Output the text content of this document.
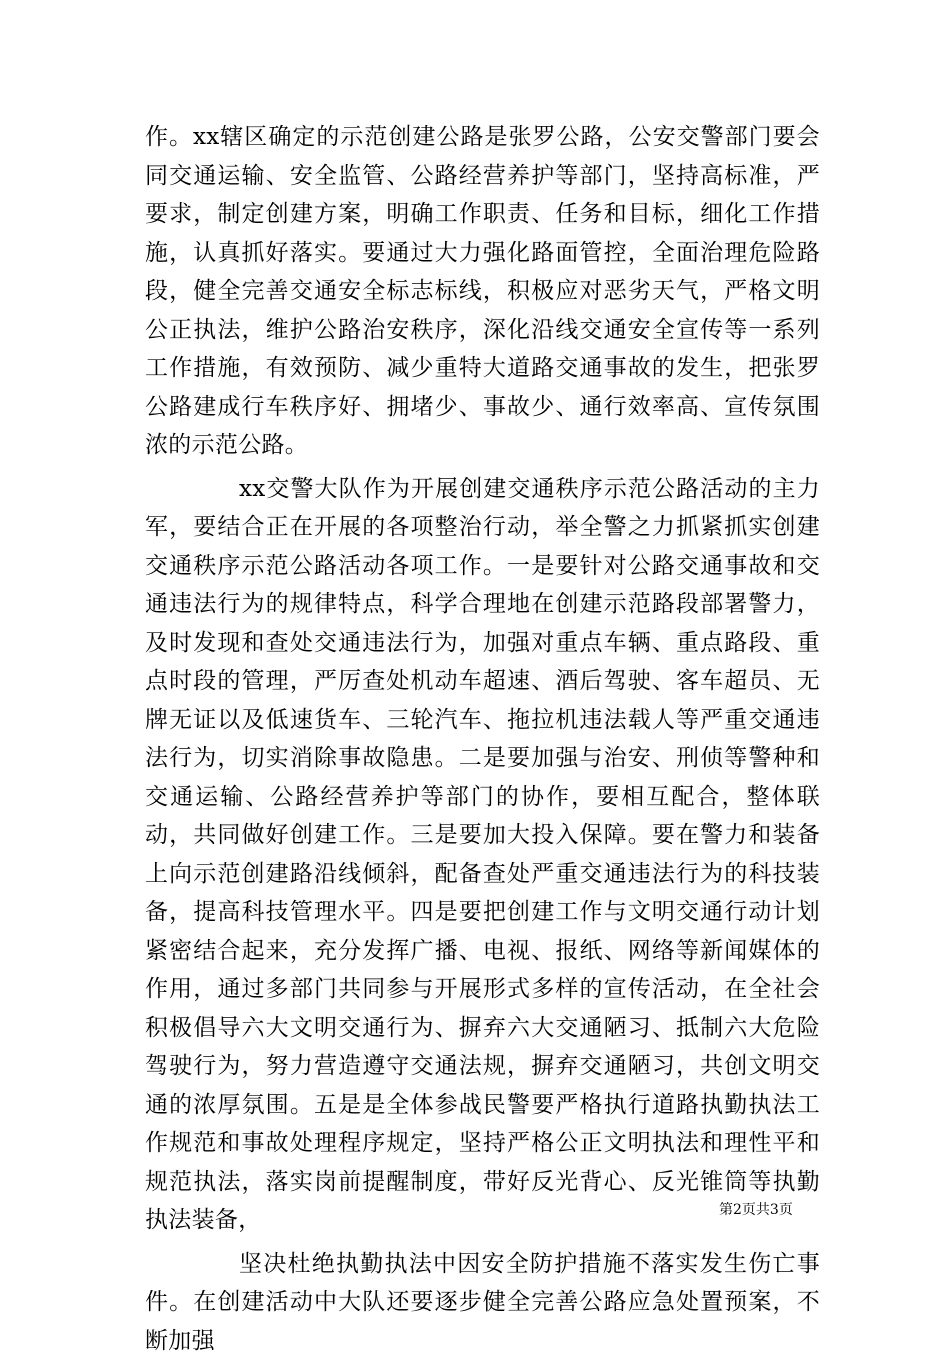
作。xx辖区确定的示范创建公路是张罗公路，公安交警部门要会同交通运输、安全监管、公路经营养护等部门，坚持高标准，严要求，制定创建方案，明确工作职责、任务和目标，细化工作措施，认真抓好落实。要通过大力强化路面管控，全面治理危险路段，健全完善交通安全标志标线，积极应对恶劣天气，严格文明公正执法，维护公路治安秩序，深化沿线交通安全宣传等一系列工作措施，有效预防、减少重特大道路交通事故的发生，把张罗公路建成行车秩序好、拥堵少、事故少、通行效率高、宣传氛围浓的示范公路。

xx交警大队作为开展创建交通秩序示范公路活动的主力军，要结合正在开展的各项整治行动，举全警之力抓紧抓实创建交通秩序示范公路活动各项工作。一是要针对公路交通事故和交通违法行为的规律特点，科学合理地在创建示范路段部署警力，及时发现和查处交通违法行为，加强对重点车辆、重点路段、重点时段的管理，严厉查处机动车超速、酒后驾驶、客车超员、无牌无证以及低速货车、三轮汽车、拖拉机违法载人等严重交通违法行为，切实消除事故隐患。二是要加强与治安、刑侦等警种和交通运输、公路经营养护等部门的协作，要相互配合，整体联动，共同做好创建工作。三是要加大投入保障。要在警力和装备上向示范创建路沿线倾斜，配备查处严重交通违法行为的科技装备，提高科技管理水平。四是要把创建工作与文明交通行动计划紧密结合起来，充分发挥广播、电视、报纸、网络等新闻媒体的作用，通过多部门共同参与开展形式多样的宣传活动，在全社会积极倡导六大文明交通行为、摒弃六大交通陋习、抵制六大危险驾驶行为，努力营造遵守交通法规，摒弃交通陋习，共创文明交通的浓厚氛围。五是是全体参战民警要严格执行道路执勤执法工作规范和事故处理程序规定，坚持严格公正文明执法和理性平和规范执法，落实岗前提醒制度，带好反光背心、反光锥筒等执勤执法装备，

坚决杜绝执勤执法中因安全防护措施不落实发生伤亡事件。在创建活动中大队还要逐步健全完善公路应急处置预案，不断加强

第2页共3页
